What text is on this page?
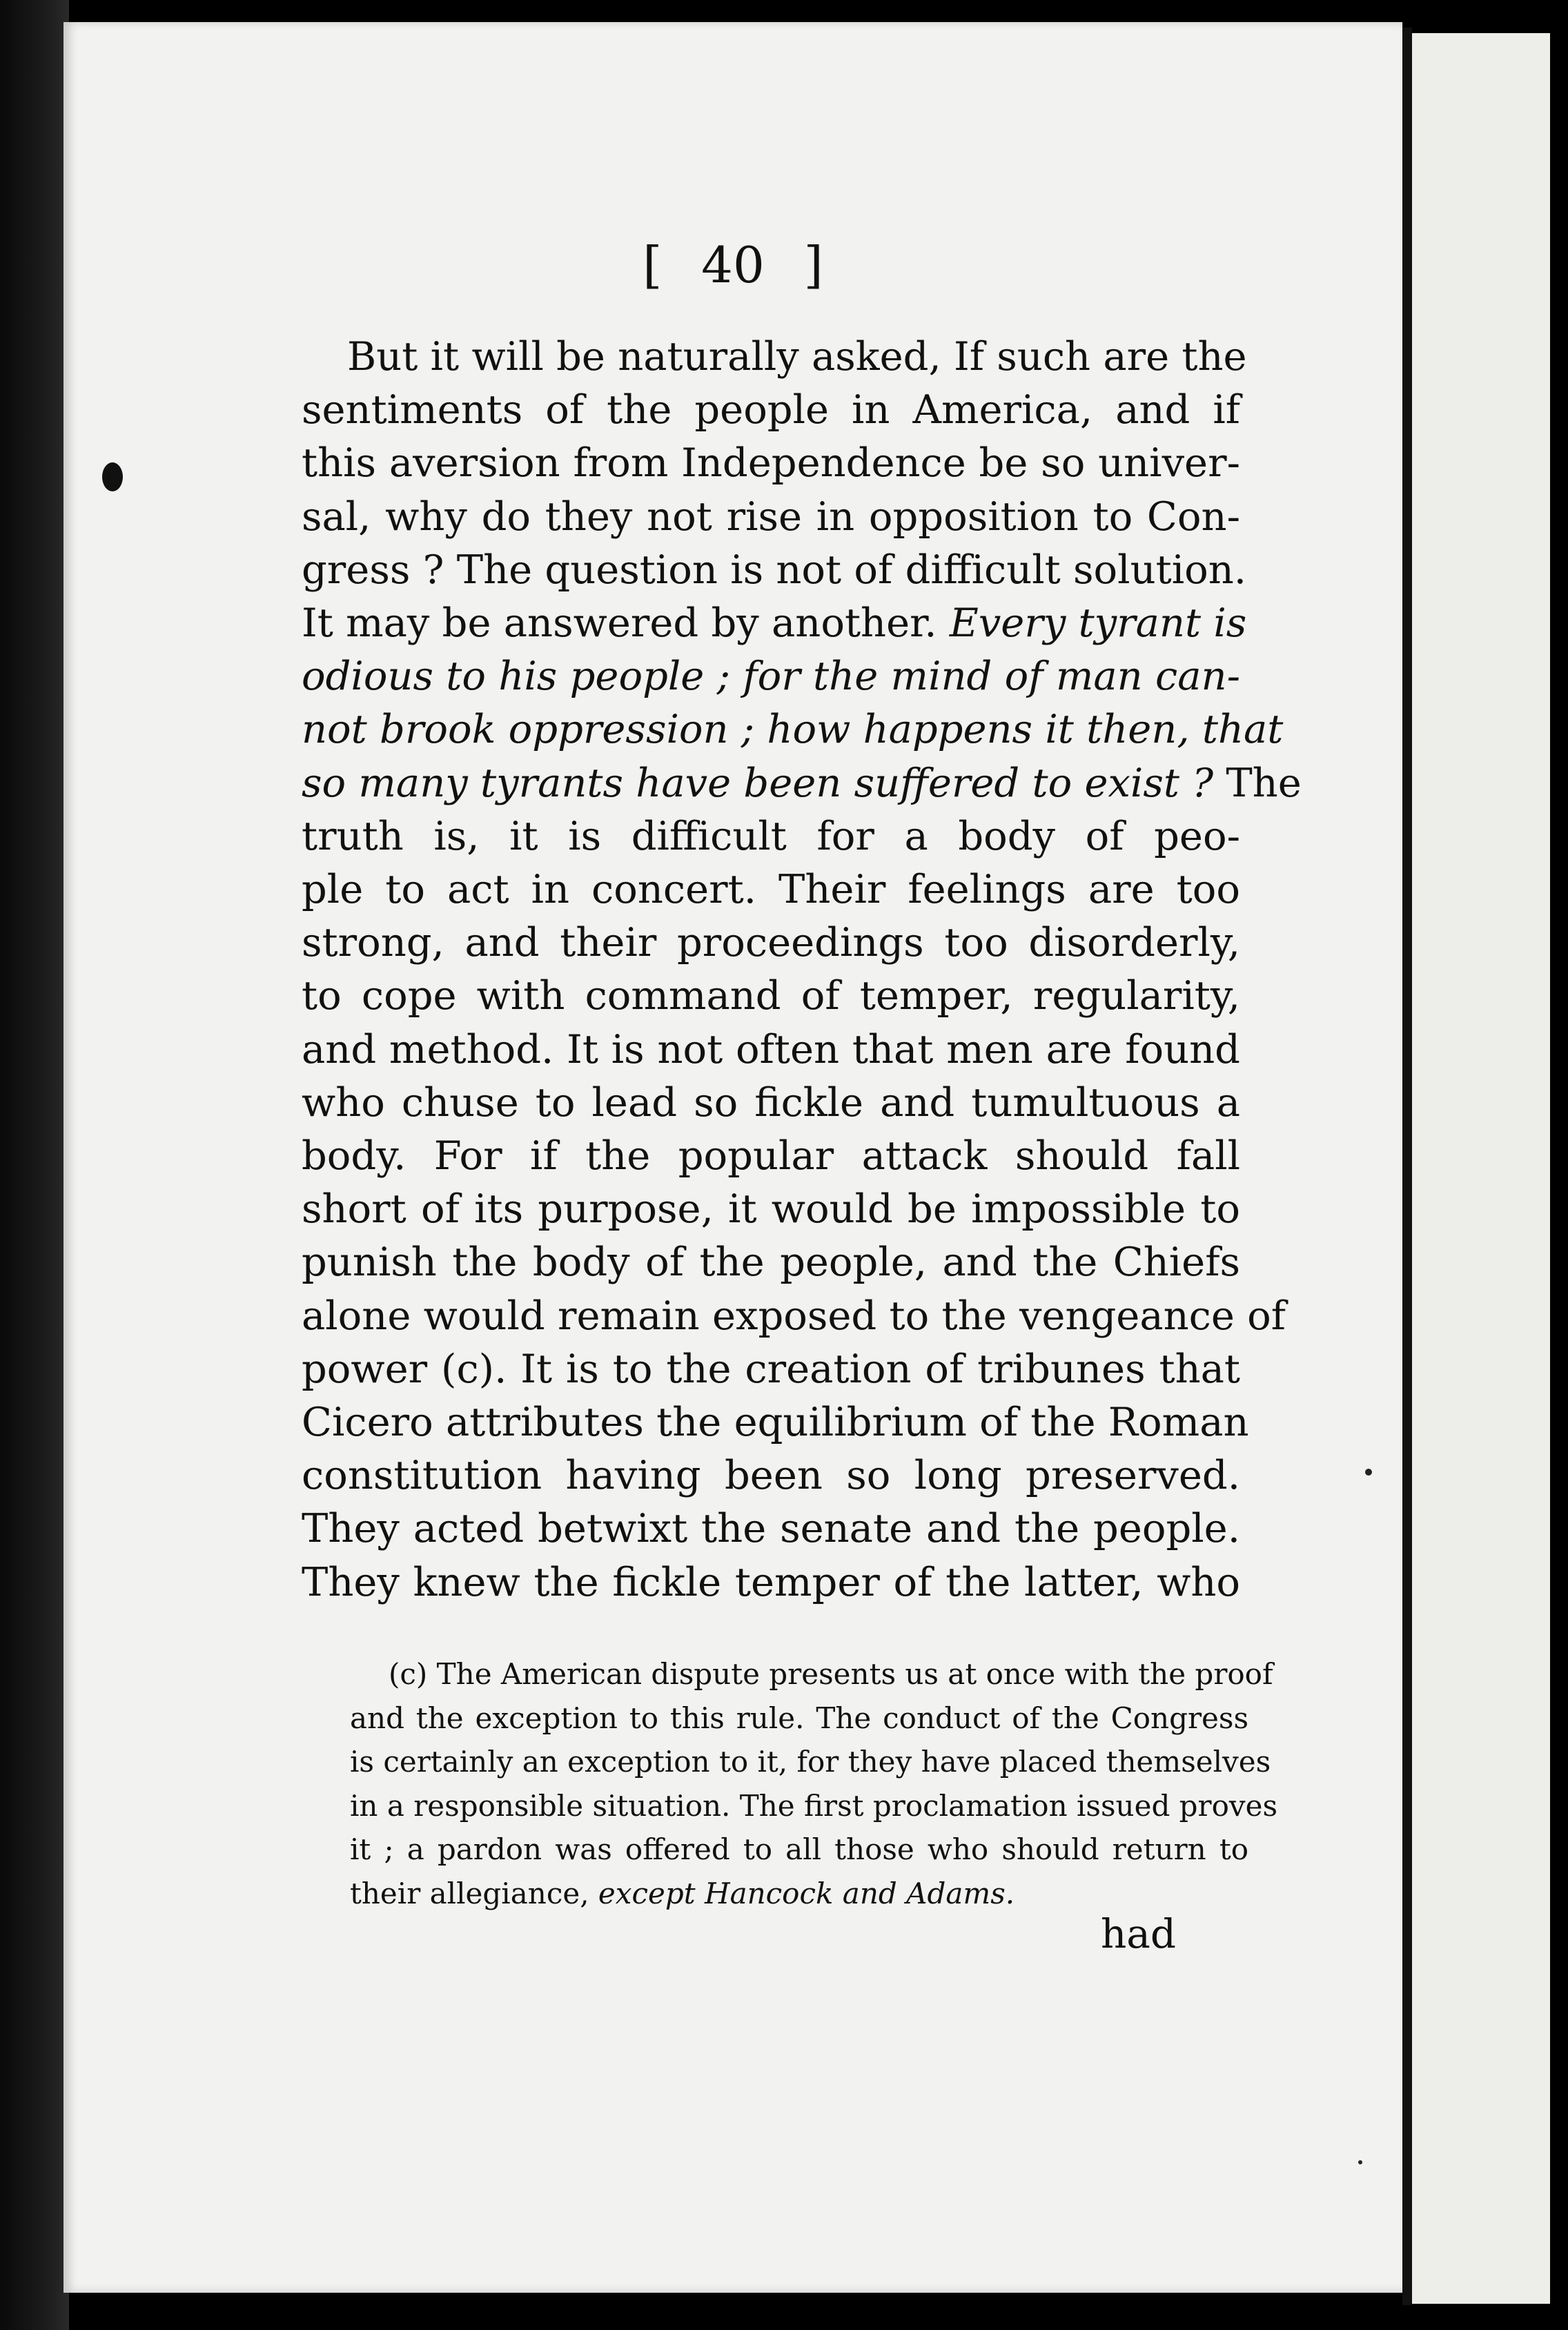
[ 40 ]
But it will be naturally asked, If such are the
sentiments of the people in America, and if
this aversion from Independence be so univer-
sal, why do they not rise in opposition to Con-
gress ? The question is not of difficult solution.
It may be answered by another. Every tyrant is
odious to his people ; for the mind of man can-
not brook oppression ; how happens it then, that
so many tyrants have been suffered to exist ? The
truth is, it is difficult for a body of peo-
ple to act in concert. Their feelings are too
strong, and their proceedings too disorderly,
to cope with command of temper, regularity,
and method. It is not often that men are found
who chuse to lead so fickle and tumultuous a
body. For if the popular attack should fall
short of its purpose, it would be impossible to
punish the body of the people, and the Chiefs
alone would remain exposed to the vengeance of
power (c). It is to the creation of tribunes that
Cicero attributes the equilibrium of the Roman
constitution having been so long preserved.
They acted betwixt the senate and the people.
They knew the fickle temper of the latter, who
(c) The American dispute presents us at once with the proof
and the exception to this rule. The conduct of the Congress
is certainly an exception to it, for they have placed themselves
in a responsible situation. The first proclamation issued proves
it ; a pardon was offered to all those who should return to
their allegiance, except Hancock and Adams.
had
